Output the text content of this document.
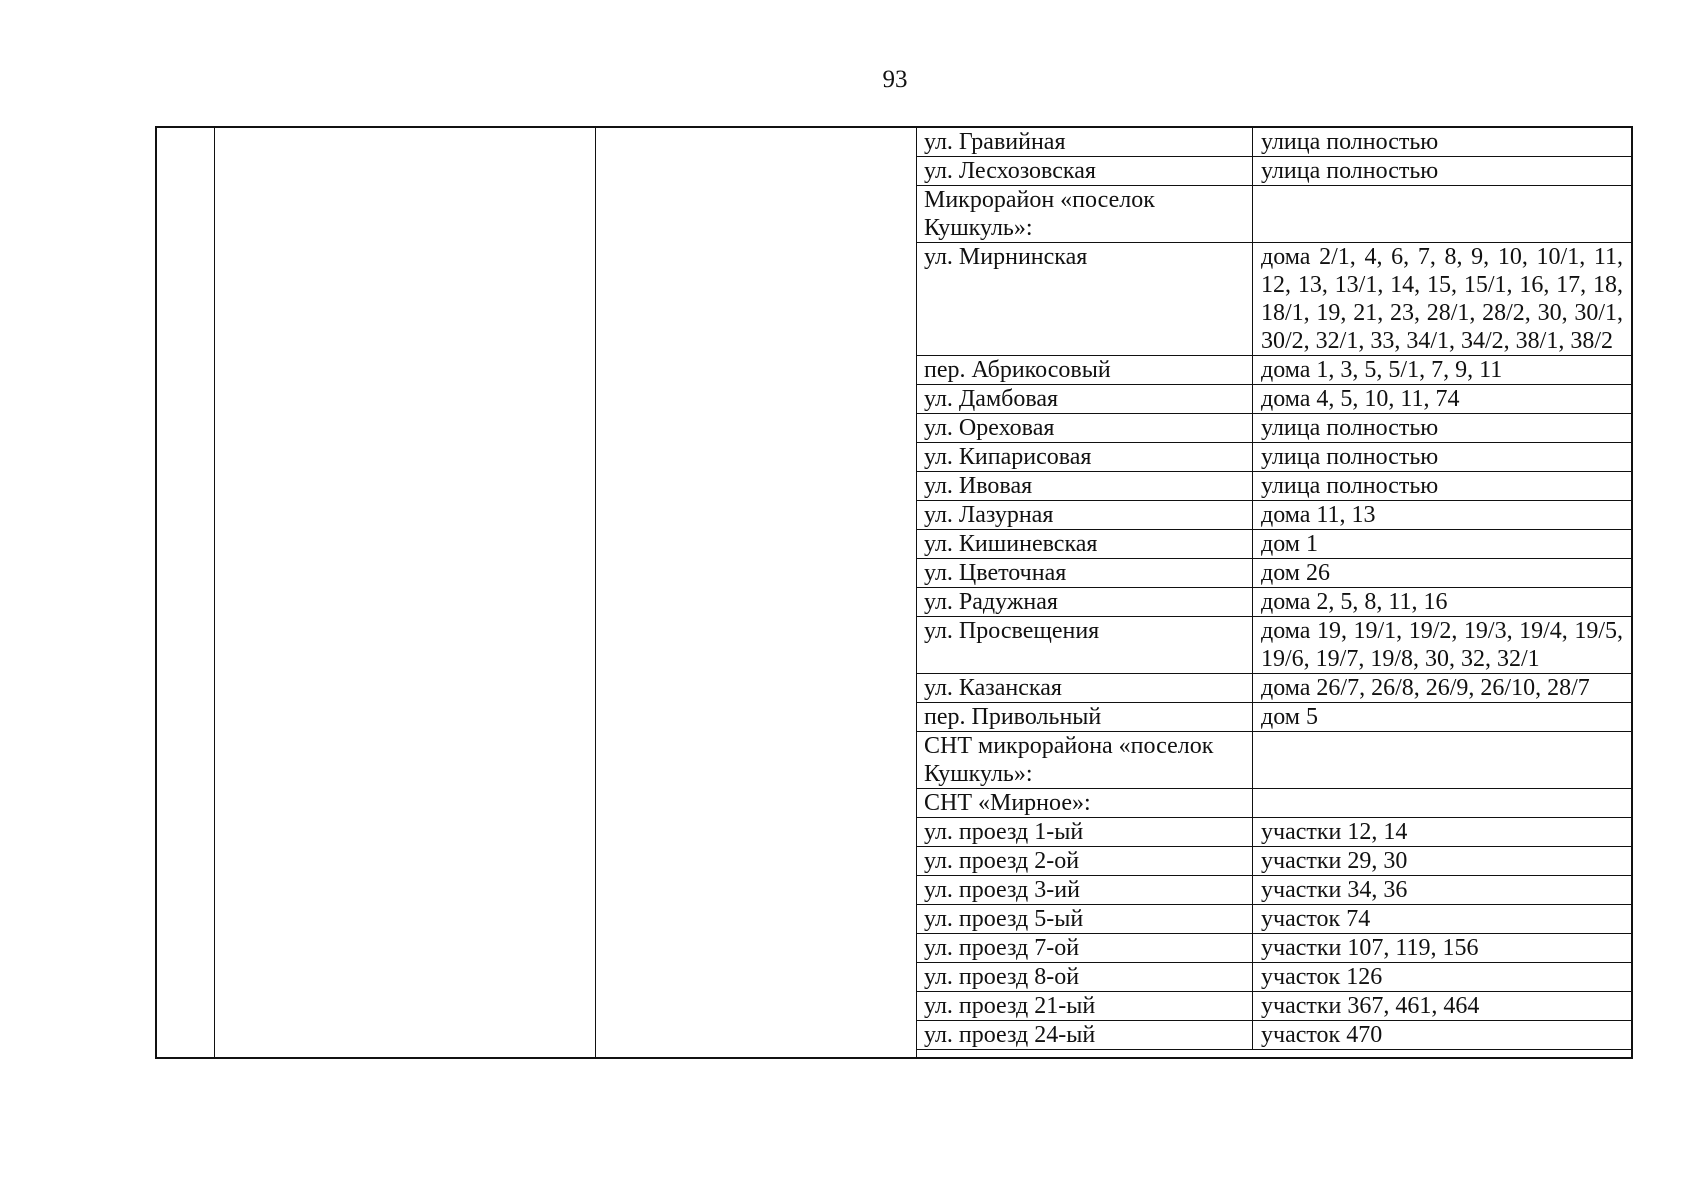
93
ул. Гравийная	улица полностью
ул. Лесхозовская	улица полностью
Микрорайон «поселок Кушкуль»:	
ул. Мирнинская	дома 2/1, 4, 6, 7, 8, 9, 10, 10/1, 11, 12, 13, 13/1, 14, 15, 15/1, 16, 17, 18, 18/1, 19, 21, 23, 28/1, 28/2, 30, 30/1, 30/2, 32/1, 33, 34/1, 34/2, 38/1, 38/2
пер. Абрикосовый	дома 1, 3, 5, 5/1, 7, 9, 11
ул. Дамбовая	дома 4, 5, 10, 11, 74
ул. Ореховая	улица полностью
ул. Кипарисовая	улица полностью
ул. Ивовая	улица полностью
ул. Лазурная	дома 11, 13
ул. Кишиневская	дом 1
ул. Цветочная	дом 26
ул. Радужная	дома 2, 5, 8, 11, 16
ул. Просвещения	дома 19, 19/1, 19/2, 19/3, 19/4, 19/5, 19/6, 19/7, 19/8, 30, 32, 32/1
ул. Казанская	дома 26/7, 26/8, 26/9, 26/10, 28/7
пер. Привольный	дом 5
СНТ микрорайона «поселок Кушкуль»:	
СНТ «Мирное»:	
ул. проезд 1-ый	участки 12, 14
ул. проезд 2-ой	участки 29, 30
ул. проезд 3-ий	участки 34, 36
ул. проезд 5-ый	участок 74
ул. проезд 7-ой	участки 107, 119, 156
ул. проезд 8-ой	участок 126
ул. проезд 21-ый	участки 367, 461, 464
ул. проезд 24-ый	участок 470
